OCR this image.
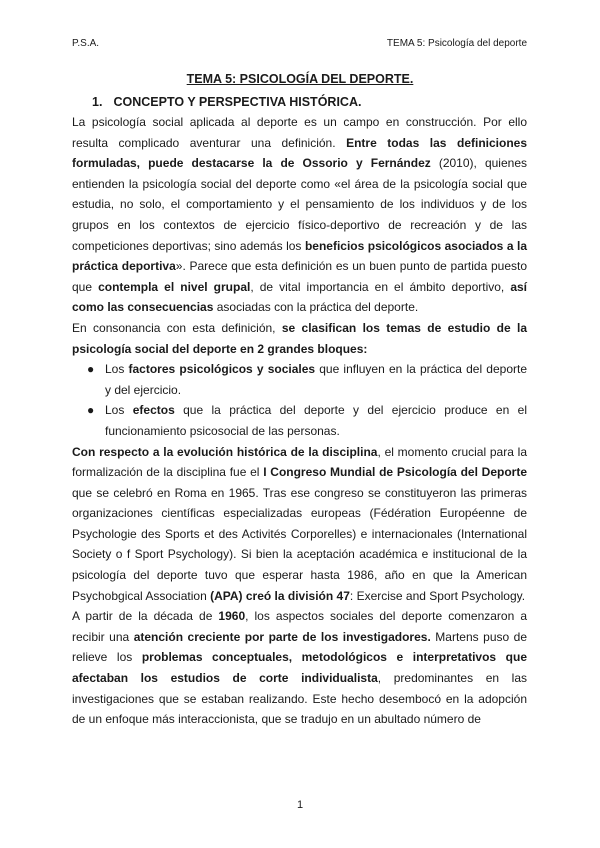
P.S.A.	TEMA 5: Psicología del deporte
TEMA 5: PSICOLOGÍA DEL DEPORTE.
1. CONCEPTO Y PERSPECTIVA HISTÓRICA.

La psicología social aplicada al deporte es un campo en construcción. Por ello resulta complicado aventurar una definición. Entre todas las definiciones formuladas, puede destacarse la de Ossorio y Fernández (2010), quienes entienden la psicología social del deporte como «el área de la psicología social que estudia, no solo, el comportamiento y el pensamiento de los individuos y de los grupos en los contextos de ejercicio físico-deportivo de recreación y de las competiciones deportivas; sino además los beneficios psicológicos asociados a la práctica deportiva». Parece que esta definición es un buen punto de partida puesto que contempla el nivel grupal, de vital importancia en el ámbito deportivo, así como las consecuencias asociadas con la práctica del deporte.

En consonancia con esta definición, se clasifican los temas de estudio de la psicología social del deporte en 2 grandes bloques:

● Los factores psicológicos y sociales que influyen en la práctica del deporte y del ejercicio.
● Los efectos que la práctica del deporte y del ejercicio produce en el funcionamiento psicosocial de las personas.

Con respecto a la evolución histórica de la disciplina, el momento crucial para la formalización de la disciplina fue el I Congreso Mundial de Psicología del Deporte que se celebró en Roma en 1965. Tras ese congreso se constituyeron las primeras organizaciones científicas especializadas europeas (Fédération Européenne de Psychologie des Sports et des Activités Corporelles) e internacionales (International Society o f Sport Psychology). Si bien la aceptación académica e institucional de la psicología del deporte tuvo que esperar hasta 1986, año en que la American Psychobgical Association (APA) creó la división 47: Exercise and Sport Psychology.

A partir de la década de 1960, los aspectos sociales del deporte comenzaron a recibir una atención creciente por parte de los investigadores. Martens puso de relieve los problemas conceptuales, metodológicos e interpretativos que afectaban los estudios de corte individualista, predominantes en las investigaciones que se estaban realizando. Este hecho desembocó en la adopción de un enfoque más interaccionista, que se tradujo en un abultado número de

1
